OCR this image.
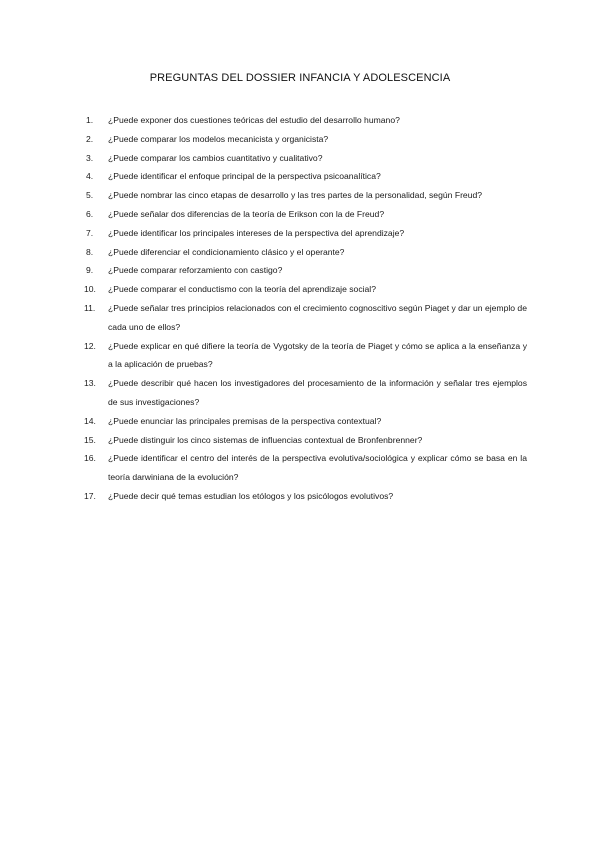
PREGUNTAS DEL DOSSIER INFANCIA Y ADOLESCENCIA
1.	¿Puede exponer dos cuestiones teóricas del estudio del desarrollo humano?
2.	¿Puede comparar los modelos mecanicista y organicista?
3.	¿Puede comparar los cambios cuantitativo y cualitativo?
4.	¿Puede identificar el enfoque principal de la perspectiva psicoanalítica?
5.	¿Puede nombrar las cinco etapas de desarrollo y las tres partes de la personalidad, según Freud?
6.	¿Puede señalar dos diferencias de la teoría de Erikson con la de Freud?
7.	¿Puede identificar los principales intereses de la perspectiva del aprendizaje?
8.	¿Puede diferenciar el condicionamiento clásico y el operante?
9.	¿Puede comparar reforzamiento con castigo?
10.	¿Puede comparar el conductismo con la teoría del aprendizaje social?
11.	¿Puede señalar tres principios relacionados con el crecimiento cognoscitivo según Piaget y dar un ejemplo de cada uno de ellos?
12.	¿Puede explicar en qué difiere la teoría de Vygotsky de la teoría de Piaget y cómo se aplica a la enseñanza y a la aplicación de pruebas?
13.	¿Puede describir qué hacen los investigadores del procesamiento de la información y señalar tres ejemplos de sus investigaciones?
14.	¿Puede enunciar las principales premisas de la perspectiva contextual?
15.	¿Puede distinguir los cinco sistemas de influencias contextual de Bronfenbrenner?
16.	¿Puede identificar el centro del interés de la perspectiva evolutiva/sociológica y explicar cómo se basa en la teoría darwiniana de la evolución?
17.	¿Puede decir qué temas estudian los etólogos y los psicólogos evolutivos?
